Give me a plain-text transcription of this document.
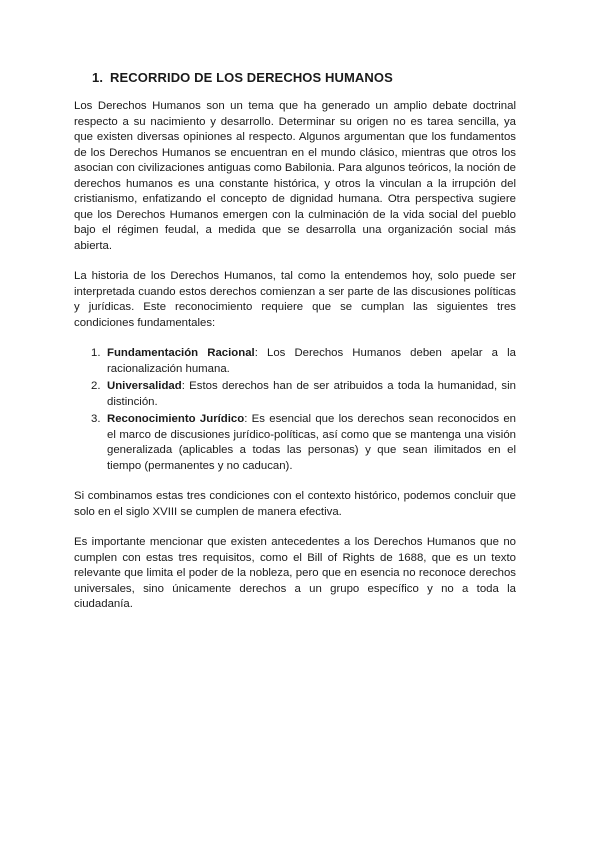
1. RECORRIDO DE LOS DERECHOS HUMANOS

Los Derechos Humanos son un tema que ha generado un amplio debate doctrinal respecto a su nacimiento y desarrollo. Determinar su origen no es tarea sencilla, ya que existen diversas opiniones al respecto. Algunos argumentan que los fundamentos de los Derechos Humanos se encuentran en el mundo clásico, mientras que otros los asocian con civilizaciones antiguas como Babilonia. Para algunos teóricos, la noción de derechos humanos es una constante histórica, y otros la vinculan a la irrupción del cristianismo, enfatizando el concepto de dignidad humana. Otra perspectiva sugiere que los Derechos Humanos emergen con la culminación de la vida social del pueblo bajo el régimen feudal, a medida que se desarrolla una organización social más abierta.

La historia de los Derechos Humanos, tal como la entendemos hoy, solo puede ser interpretada cuando estos derechos comienzan a ser parte de las discusiones políticas y jurídicas. Este reconocimiento requiere que se cumplan las siguientes tres condiciones fundamentales:

1. Fundamentación Racional: Los Derechos Humanos deben apelar a la racionalización humana.
2. Universalidad: Estos derechos han de ser atribuidos a toda la humanidad, sin distinción.
3. Reconocimiento Jurídico: Es esencial que los derechos sean reconocidos en el marco de discusiones jurídico-políticas, así como que se mantenga una visión generalizada (aplicables a todas las personas) y que sean ilimitados en el tiempo (permanentes y no caducan).

Si combinamos estas tres condiciones con el contexto histórico, podemos concluir que solo en el siglo XVIII se cumplen de manera efectiva.

Es importante mencionar que existen antecedentes a los Derechos Humanos que no cumplen con estas tres requisitos, como el Bill of Rights de 1688, que es un texto relevante que limita el poder de la nobleza, pero que en esencia no reconoce derechos universales, sino únicamente derechos a un grupo específico y no a toda la ciudadanía.
